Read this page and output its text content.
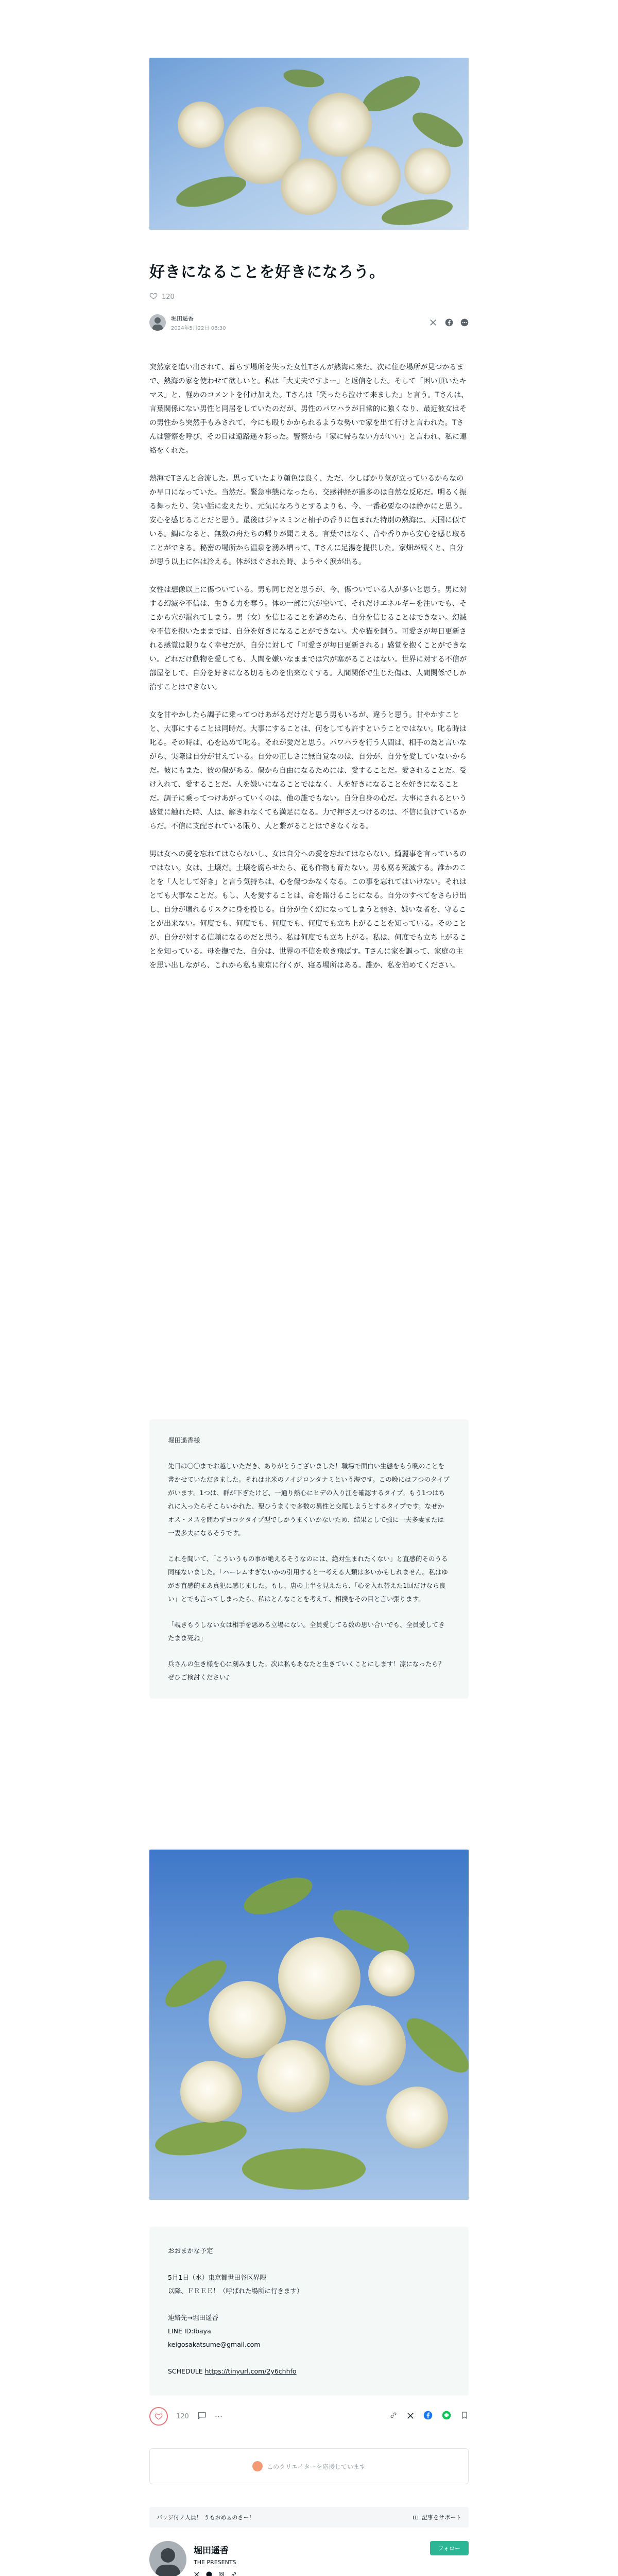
好きになることを好きになろう。
120
堀田遥香
2024年5月22日 08:30

突然家を追い出されて、暮らす場所を失った女性Tさんが熱海に来た。次に住む場所が見つかるまで、熱海の家を使わせて欲しいと。私は「大丈夫ですよー」と返信をした。そして「困い頂いたキマス」と、軽めのコメントを付け加えた。Tさんは「笑ったら泣けて来ました」と言う。Tさんは、言葉関係にない男性と同居をしていたのだが、男性のパワハラが日常的に強くなり、最近彼女はその男性から突然手もみされて、今にも殴りかかられるような勢いで家を出て行けと言われた。Tさんは警察を呼び、その日は遠路遥々彩った。警察から「家に帰らない方がいい」と言われ、私に連絡をくれた。

熱海でTさんと合流した。思っていたより顔色は良く、ただ、少しばかり気が立っているからなのか早口になっていた。当然だ。緊急事態になったら、交感神経が過多のは自然な反応だ。明るく振る舞ったり、笑い話に変えたり、元気になろうとするよりも、今、一番必要なのは静かにと思う。安心を感じることだと思う。最後はジャスミンと柚子の香りに包まれた特別の熱海は、天国に似ている。鯛になると、無数の舟たちの帰りが聞こえる。言葉ではなく、音や香りから安心を感じ取ることができる。秘密の場所から温泉を湧み増って、Tさんに足湯を提供した。家畑が続くと、自分が思う以上に体は冷える。体がほぐされた時、ようやく涙が出る。

女性は想像以上に傷ついている。男も同じだと思うが、今、傷ついている人が多いと思う。男に対する幻滅や不信は、生きる力を奪う。体の一部に穴が空いて、それだけエネルギーを注いでも、そこから穴が漏れてしまう。男（女）を信じることを諦めたら、自分を信じることはできない。幻滅や不信を抱いたままでは、自分を好きになることができない。犬や猫を飼う。可愛さが毎日更新される感覚は限りなく幸せだが、自分に対して「可愛さが毎日更新される」感覚を抱くことができない。どれだけ動物を愛しても、人間を嫌いなままでは穴が塞がることはない。世界に対する不信が部屋をして、自分を好きになる切るものを出来なくする。人間関係で生じた傷は、人間関係でしか治すことはできない。

女を甘やかしたら調子に乗ってつけあがるだけだと思う男もいるが、違うと思う。甘やかすことと、大事にすることは同時だ。大事にすることは、何をしても許すということではない。叱る時は叱る。その時は、心を込めて叱る。それが愛だと思う。パワハラを行う人間は、相手の為と言いながら、実際は自分が甘えている。自分の正しさに無自覚なのは、自分が、自分を愛していないからだ。彼にもまた、彼の傷がある。傷から自由になるためには、愛することだ。愛されることだ。受け入れて、愛することだ。人を嫌いになることではなく、人を好きになることを好きになることだ。調子に乗ってつけあがっていくのは、他の誰でもない。自分自身の心だ。大事にされるという感覚に触れた時、人は、解きれなくても満足になる。力で押さえつけるのは、不信に負けているからだ。不信に支配されている限り、人と繋がることはできなくなる。

男は女への愛を忘れてはならないし、女は自分への愛を忘れてはならない。綺麗事を言っているのではない。女は、土壌だ。土壌を腐らせたら、花も作物も育たない。男も腐る死滅する。誰かのことを「人として好き」と言う気持ちは、心を傷つかなくなる。この事を忘れてはいけない。それはとても大事なことだ。もし、人を愛することは、命を賭けることになる。自分のすべてをさらけ出し、自分が壊れるリスクに身を投じる。自分が全く幻になってしまうと弱さ、嫌いな者を、守ることが出来ない。何度でも、何度でも、何度でも、何度でも立ち上がることを知っている。そのことが、自分が対する信頼になるのだと思う。私は何度でも立ち上がる。私は、何度でも立ち上がることを知っている。母を撫でた、自分は、世界の不信を吹き飛ばす。Tさんに家を謳って、家庭の主を思い出しながら、これから私も東京に行くが、寝る場所はある。誰か、私を泊めてください。

堀田遥香様

先日は〇〇までお越しいただき、ありがとうございました！職場で面白い生態をもう晩のことを書かせていただきました。それは北米のノイジロンタナミという海です。この晩にはフつのタイプがいます。1つは、群が下ぎたけど、一通り熱心にヒデの入り江を確認するタイプ。もう1つはちれに入ったらそこらいかれた、聖ひうまくで多数の異性と交尾しようとするタイプです。なぜかオス・メスを問わずヨコクタイプ型でしかうまくいかないため、結果として強に一夫多妻または一妻多夫になるそうです。

これを聞いて、「こういうもの事が絶えるそうなのには、絶対生まれたくない」と直感的そのうる同様ないました。「ハーレムすぎないかの引用すると一考える人類は多いかもしれません。私はゆがさ直感的まあ真犯に感じました。もし、唐の上半を見えたら、「心を入れ替えた1回だけなら良い」とでも言ってしまったら、私はとんなことを考えて、相撲をその目と言い張ります。

「覗きもうしない女は相手を悪める立場にない。全員愛してる数の思い合いでも、全員愛してきたまま死ね」

兵さんの生き様を心に刻みました。次は私もあなたと生きていくことにします！凛になったら？ぜひご検討ください♪

おおまかな予定

5月1日（水）東京都世田谷区界隈
以降、ＦＲＥＥ！（呼ばれた場所に行きます）

連絡先→堀田遥香
LINE ID:Ibaya
keigosakatsume@gmail.com

SCHEDULE https://tinyurl.com/2y6chhfo

120	···
このクリエイターを応援しています
バッジ付ノ人員！ うもおめぁのさー！	記事をサポート
堀田遥香
THE PRESENTS
フォロー
